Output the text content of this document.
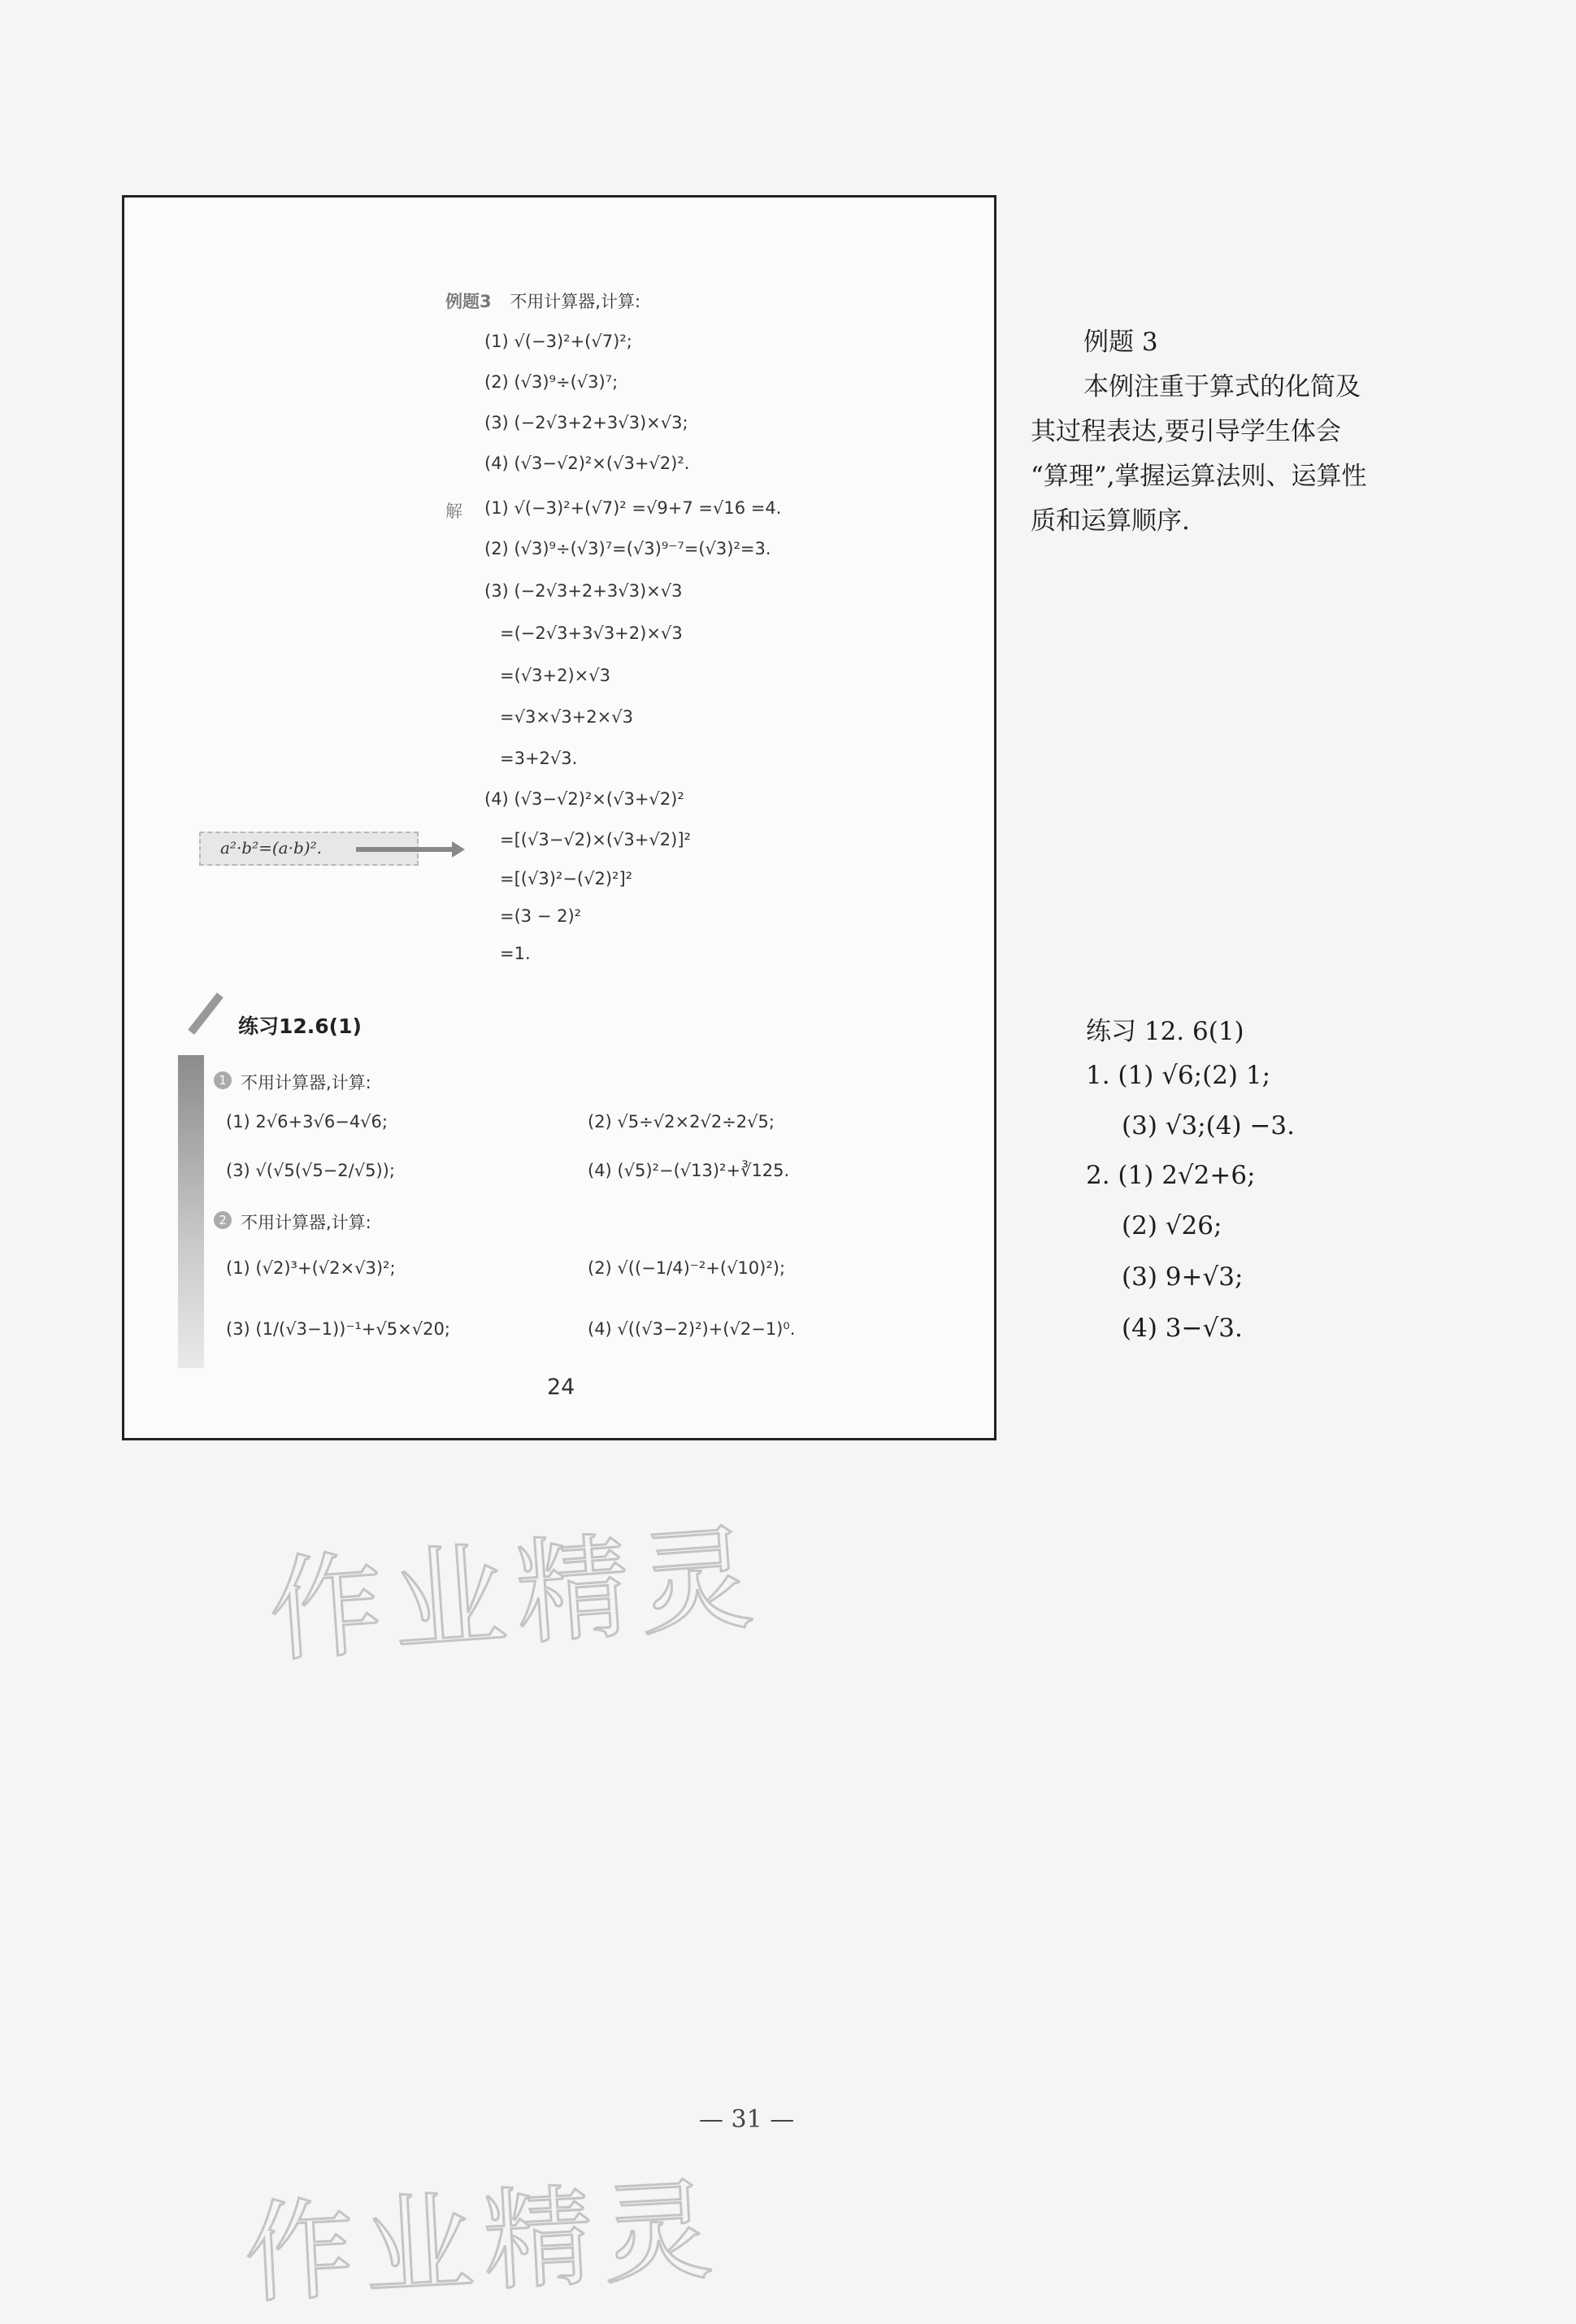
例题3 不用计算器,计算:
(1) √(−3)²+(√7)²;
(2) (√3)⁹÷(√3)⁷;
(3) (−2√3+2+3√3)×√3;
(4) (√3−√2)²×(√3+√2)².
解 (1) √(−3)²+(√7)² =√9+7 =√16 =4.
(2) (√3)⁹÷(√3)⁷=(√3)⁹⁻⁷=(√3)²=3.
(3) (−2√3+2+3√3)×√3
=(−2√3+3√3+2)×√3
=(√3+2)×√3
=√3×√3+2×√3
=3+2√3.
(4) (√3−√2)²×(√3+√2)²
=[(√3−√2)×(√3+√2)]²
=[(√3)²−(√2)²]²
=(3 − 2)²
=1.
a²·b²=(a·b)².
练习12.6(1)
1 不用计算器,计算:
(1) 2√6+3√6−4√6;	(2) √5÷√2×2√2÷2√5;
(3) √(√5(√5−2/√5));	(4) (√5)²−(√13)²+∛125.
2 不用计算器,计算:
(1) (√2)³+(√2×√3)²;	(2) √((−1/4)⁻²+(√10)²);
(3) (1/(√3−1))⁻¹+√5×√20;	(4) √((√3−2)²)+(√2−1)⁰.
24
例题 3
本例注重于算式的化简及
其过程表达,要引导学生体会
“算理”,掌握运算法则、运算性
质和运算顺序.
练习 12. 6(1)
1. (1) √6;(2) 1;
(3) √3;(4) −3.
2. (1) 2√2+6;
(2) √26;
(3) 9+√3;
(4) 3−√3.
作业精灵
作业精灵
— 31 —
